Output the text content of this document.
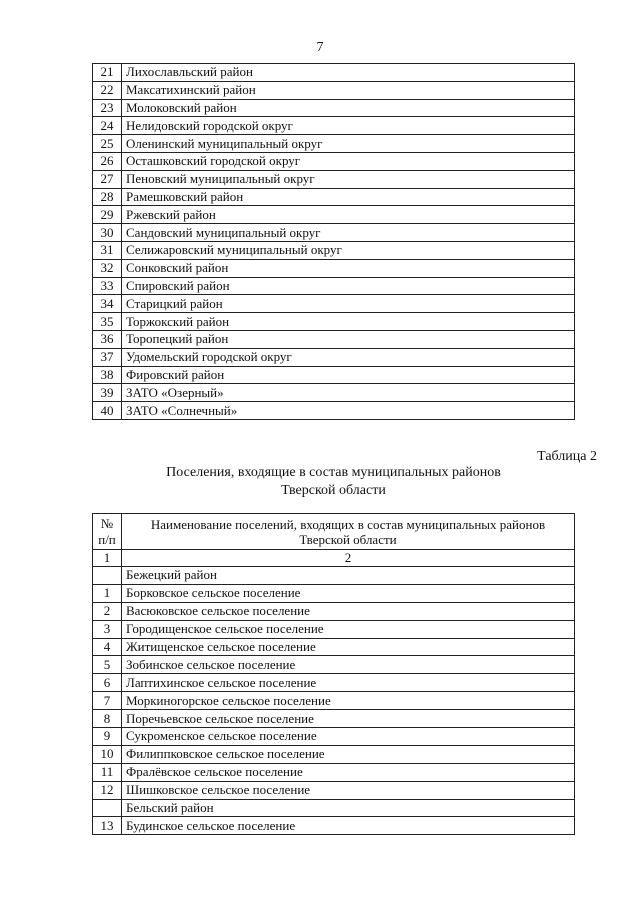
7
21	Лихославльский район
22	Максатихинский район
23	Молоковский район
24	Нелидовский городской округ
25	Оленинский муниципальный округ
26	Осташковский городской округ
27	Пеновский муниципальный округ
28	Рамешковский район
29	Ржевский район
30	Сандовский муниципальный округ
31	Селижаровский муниципальный округ
32	Сонковский район
33	Спировский район
34	Старицкий район
35	Торжокский район
36	Торопецкий район
37	Удомельский городской округ
38	Фировский район
39	ЗАТО «Озерный»
40	ЗАТО «Солнечный»
Таблица 2
Поселения, входящие в состав муниципальных районов
Тверской области
№
п/п	Наименование поселений, входящих в состав муниципальных районов Тверской области
1	2
	Бежецкий район
1	Борковское сельское поселение
2	Васюковское сельское поселение
3	Городищенское сельское поселение
4	Житищенское сельское поселение
5	Зобинское сельское поселение
6	Лаптихинское сельское поселение
7	Моркиногорское сельское поселение
8	Поречьевское сельское поселение
9	Сукроменское сельское поселение
10	Филиппковское сельское поселение
11	Фралёвское сельское поселение
12	Шишковское сельское поселение
	Бельский район
13	Будинское сельское поселение
